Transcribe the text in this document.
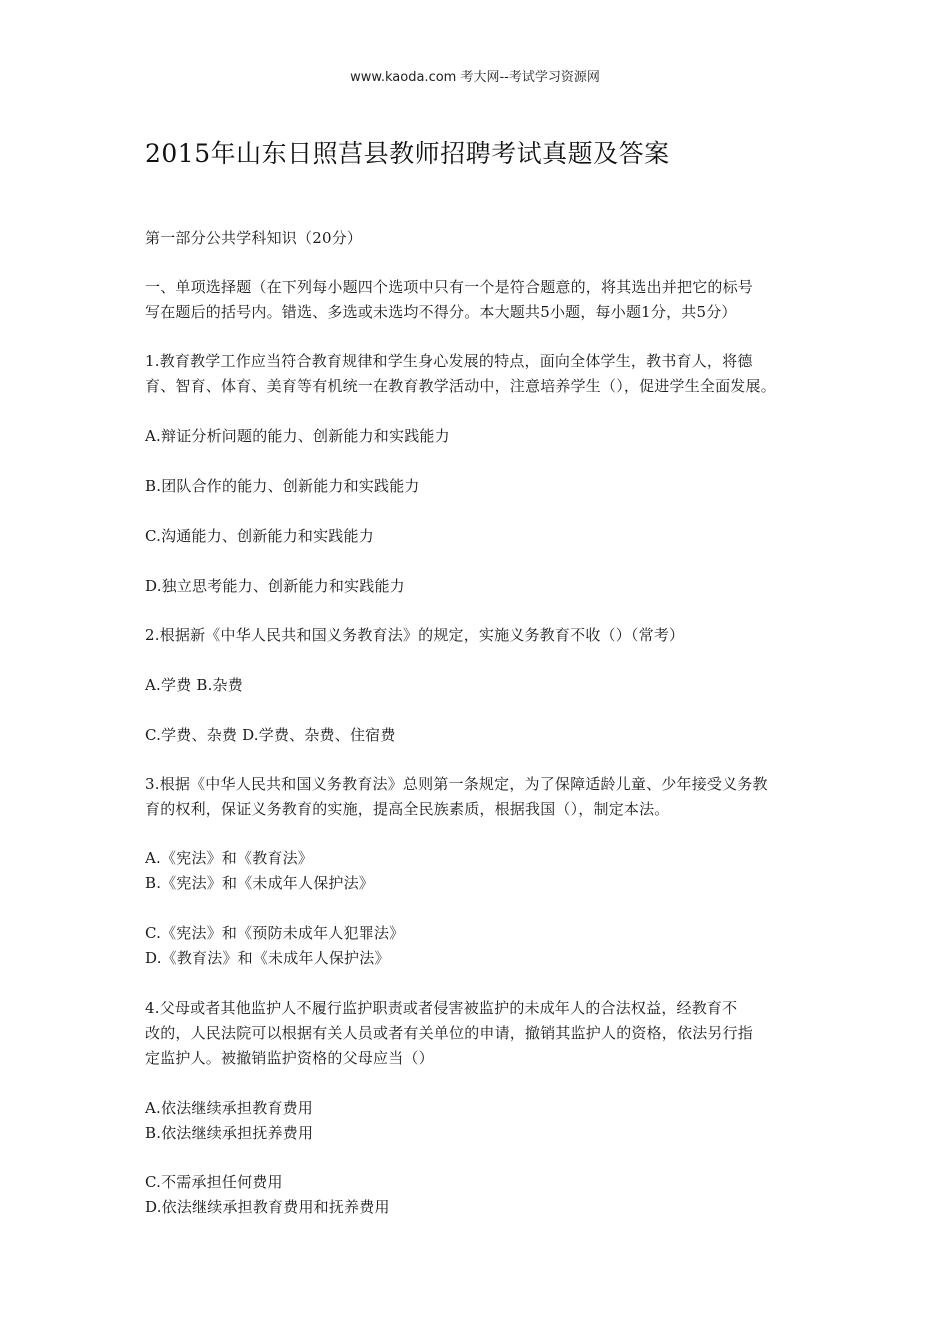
www.kaoda.com 考大网--考试学习资源网
2015年山东日照莒县教师招聘考试真题及答案
第一部分公共学科知识（20分）
一、单项选择题（在下列每小题四个选项中只有一个是符合题意的，将其选出并把它的标号
写在题后的括号内。错选、多选或未选均不得分。本大题共5小题，每小题1分，共5分）
1.教育教学工作应当符合教育规律和学生身心发展的特点，面向全体学生，教书育人，将德
育、智育、体育、美育等有机统一在教育教学活动中，注意培养学生（），促进学生全面发展。
A.辩证分析问题的能力、创新能力和实践能力
B.团队合作的能力、创新能力和实践能力
C.沟通能力、创新能力和实践能力
D.独立思考能力、创新能力和实践能力
2.根据新《中华人民共和国义务教育法》的规定，实施义务教育不收（）（常考）
A.学费 B.杂费
C.学费、杂费 D.学费、杂费、住宿费
3.根据《中华人民共和国义务教育法》总则第一条规定，为了保障适龄儿童、少年接受义务教
育的权利，保证义务教育的实施，提高全民族素质，根据我国（），制定本法。
A.《宪法》和《教育法》
B.《宪法》和《未成年人保护法》
C.《宪法》和《预防未成年人犯罪法》
D.《教育法》和《未成年人保护法》
4.父母或者其他监护人不履行监护职责或者侵害被监护的未成年人的合法权益，经教育不
改的，人民法院可以根据有关人员或者有关单位的申请，撤销其监护人的资格，依法另行指
定监护人。被撤销监护资格的父母应当（）
A.依法继续承担教育费用
B.依法继续承担抚养费用
C.不需承担任何费用
D.依法继续承担教育费用和抚养费用
